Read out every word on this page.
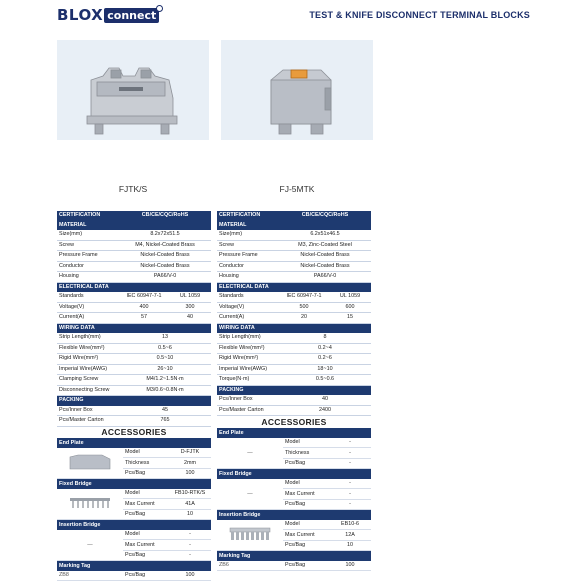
BLOX connect	TEST & KNIFE DISCONNECT TERMINAL BLOCKS
FJTK/S	FJ-5MTK
CERTIFICATION	CB/CE/CQC/RoHS	
MATERIAL		
Size(mm)	8.2x72x51.5	
Screw	M4, Nickel-Coated Brass	
Pressure Frame	Nickel-Coated Brass	
Conductor	Nickel-Coated Brass	
Housing	PA66/V-0	
ELECTRICAL DATA		
Standards	IEC 60947-7-1	UL 1059
Voltage(V)	400	300
Current(A)	57	40
WIRING DATA		
Strip Length(mm)	13	
Flexible Wire(mm²)	0.5~6	
Rigid Wire(mm²)	0.5~10	
Imperial Wire(AWG)	26~10	
Clamping Screw	M4/1.2~1.5N·m	
Disconnecting Screw	M3/0.6~0.8N·m	
PACKING		
Pcs/Inner Box	45	
Pcs/Master Carton	765	
CERTIFICATION	CB/CE/CQC/RoHS	
MATERIAL		
Size(mm)	6.2x51x46.5	
Screw	M3, Zinc-Coated Steel	
Pressure Frame	Nickel-Coated Brass	
Conductor	Nickel-Coated Brass	
Housing	PA66/V-0	
ELECTRICAL DATA		
Standards	IEC 60947-7-1	UL 1059
Voltage(V)	500	600
Current(A)	20	15
WIRING DATA		
Strip Length(mm)	8	
Flexible Wire(mm²)	0.2~4	
Rigid Wire(mm²)	0.2~6	
Imperial Wire(AWG)	18~10	
Torque(N·m)	0.5~0.6	
PACKING		
Pcs/Inner Box	40	
Pcs/Master Carton	2400	
ACCESSORIES
ACCESSORIES
End Plate		
	Model	D-FJTK
	Thickness	2mm
	Pcs/Bag	100
Fixed Bridge		
	Model	FB10-RTK/S
	Max Current	41A
	Pcs/Bag	10
Insertion Bridge		
—	Model	-
	Max Current	-
	Pcs/Bag	-
Marking Tag		
ZB8	Pcs/Bag	100
End Plate		
—	Model	-
	Thickness	-
	Pcs/Bag	-
Fixed Bridge		
—	Model	-
	Max Current	-
	Pcs/Bag	-
Insertion Bridge		
	Model	EB10-6
	Max Current	12A
	Pcs/Bag	10
Marking Tag		
ZB6	Pcs/Bag	100
